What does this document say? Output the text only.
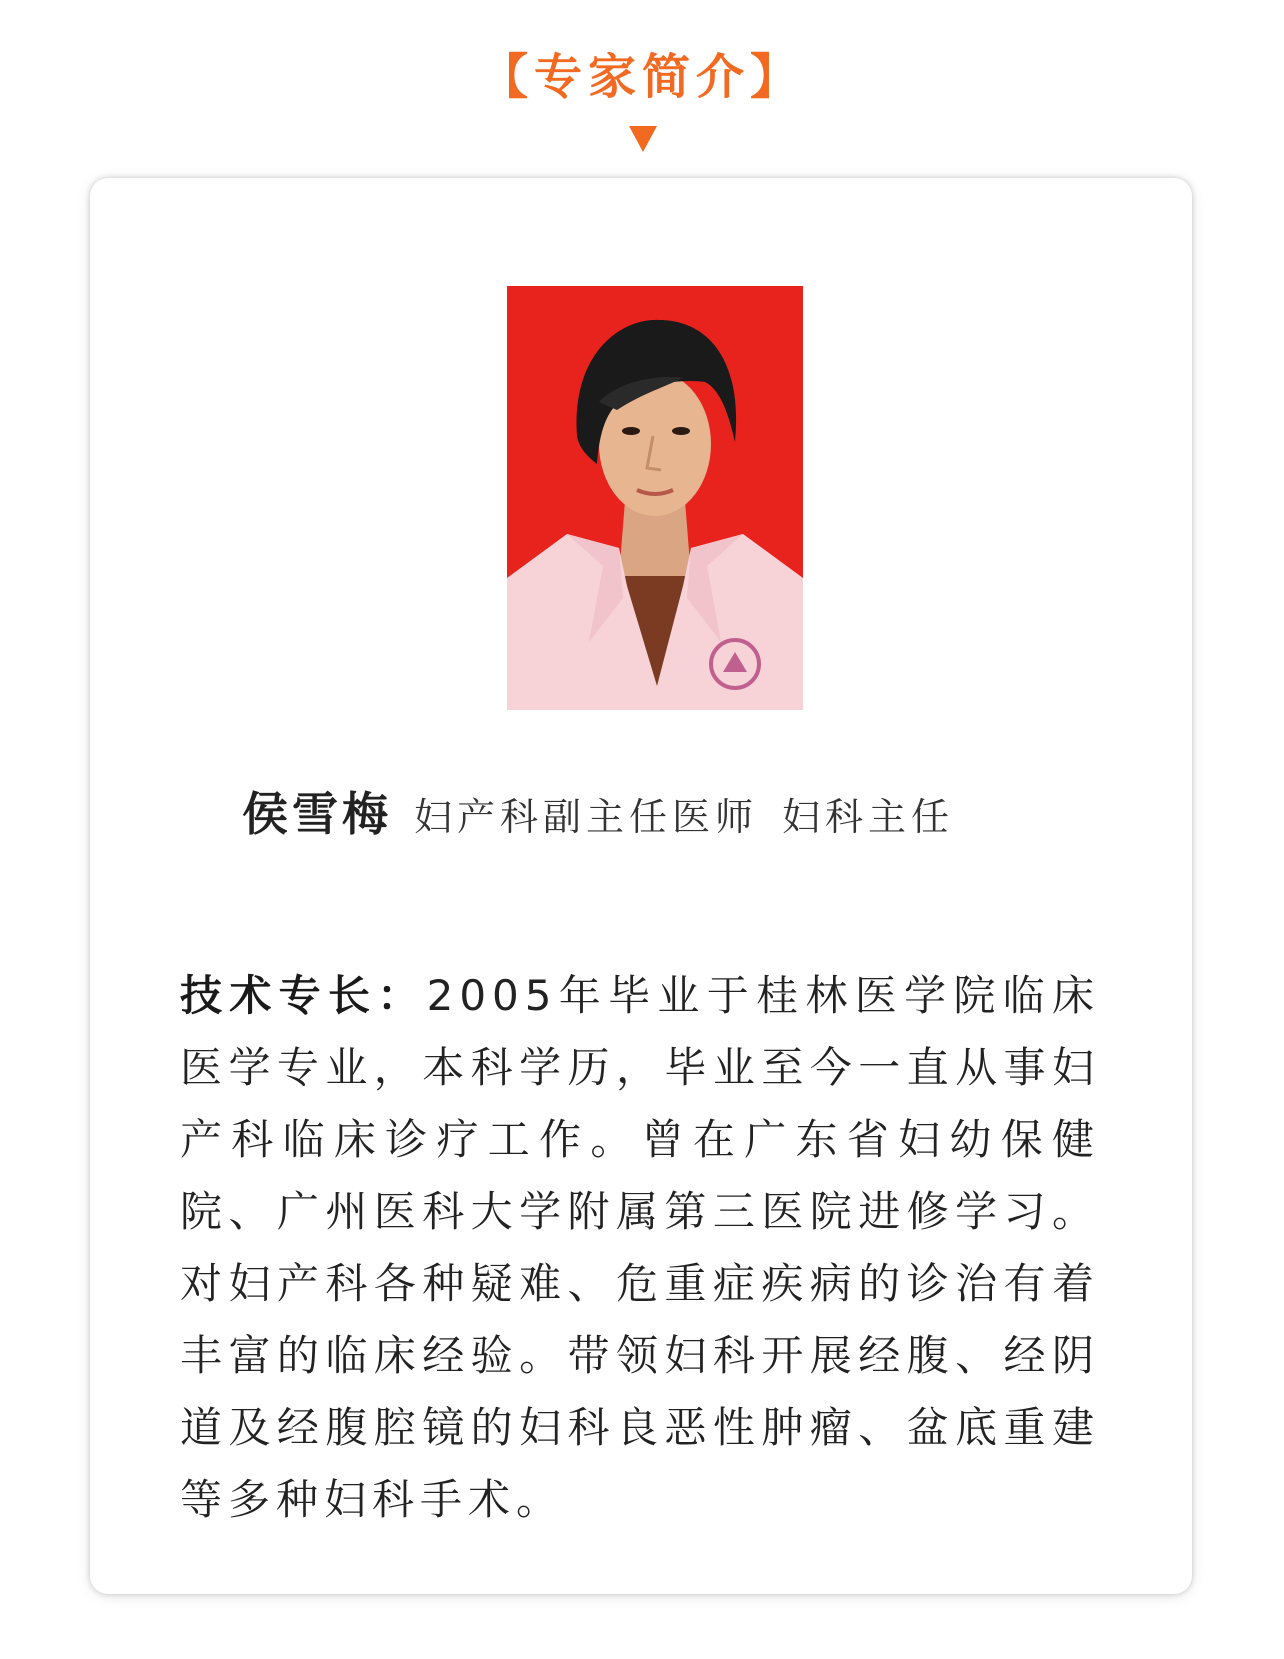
【专家简介】
侯雪梅 妇产科副主任医师 妇科主任
技术专长：2005年毕业于桂林医学院临床医学专业，本科学历，毕业至今一直从事妇产科临床诊疗工作。曾在广东省妇幼保健院、广州医科大学附属第三医院进修学习。对妇产科各种疑难、危重症疾病的诊治有着丰富的临床经验。带领妇科开展经腹、经阴道及经腹腔镜的妇科良恶性肿瘤、盆底重建等多种妇科手术。
